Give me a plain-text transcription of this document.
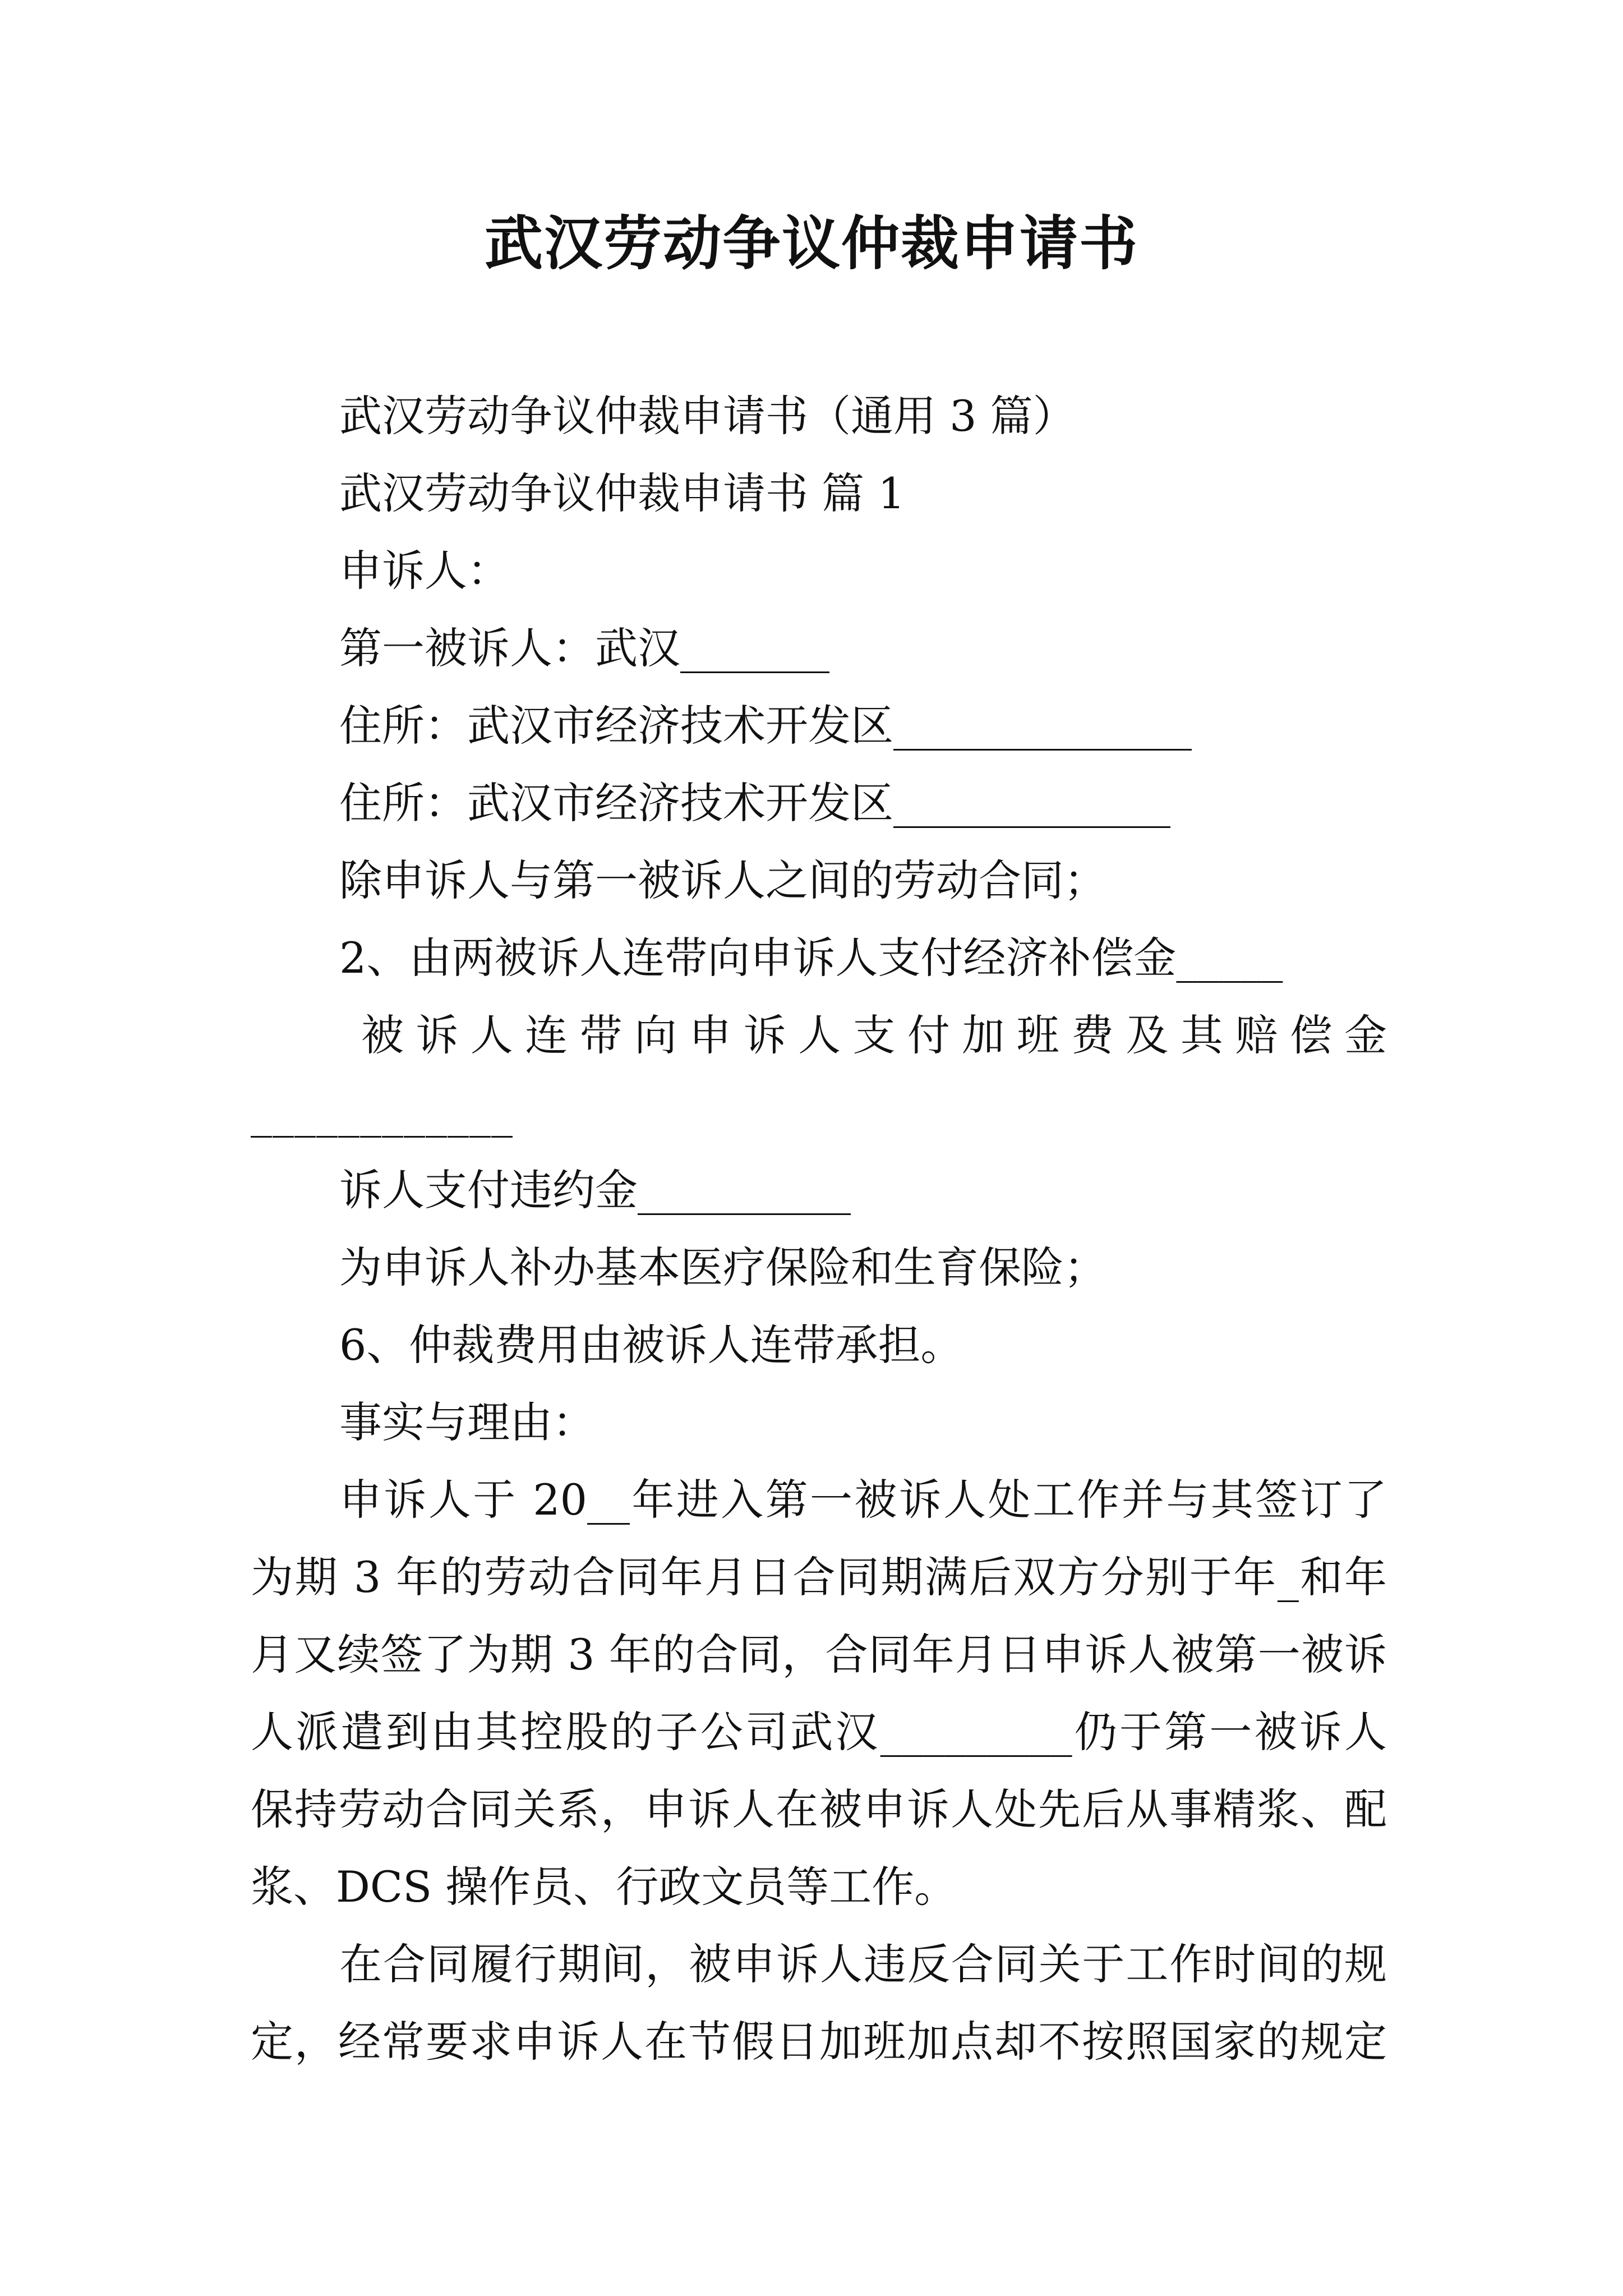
武汉劳动争议仲裁申请书
武汉劳动争议仲裁申请书（通用 3 篇）
武汉劳动争议仲裁申请书 篇 1
申诉人：
第一被诉人：武汉_______
住所：武汉市经济技术开发区______________
住所：武汉市经济技术开发区_____________
除申诉人与第一被诉人之间的劳动合同；
2、由两被诉人连带向申诉人支付经济补偿金_____
被诉人连带向申诉人支付加班费及其赔偿金
____________
诉人支付违约金__________
为申诉人补办基本医疗保险和生育保险；
6、仲裁费用由被诉人连带承担。
事实与理由：
申诉人于 20__年进入第一被诉人处工作并与其签订了
为期 3 年的劳动合同年月日合同期满后双方分别于年_和年
月又续签了为期 3 年的合同，合同年月日申诉人被第一被诉
人派遣到由其控股的子公司武汉_________仍于第一被诉人
保持劳动合同关系，申诉人在被申诉人处先后从事精浆、配
浆、DCS 操作员、行政文员等工作。
在合同履行期间，被申诉人违反合同关于工作时间的规
定，经常要求申诉人在节假日加班加点却不按照国家的规定
